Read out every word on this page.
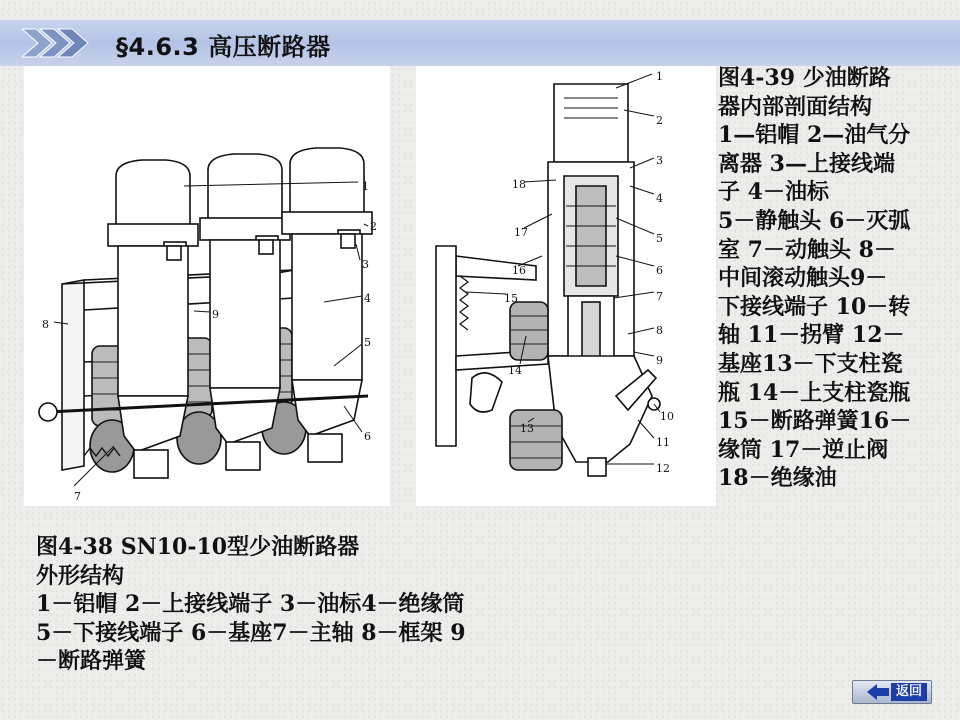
§4.6.3 高压断路器
1
2
3
4
5
6
7
8
9
1
2
3
4
5
6
7
8
9
10
11
12
13
14
15
16
17
18
图4-39 少油断路
器内部剖面结构
1—铝帽 2—油气分
离器 3—上接线端
子 4－油标
5－静触头 6－灭弧
室 7－动触头 8－
中间滚动触头9－
下接线端子 10－转
轴 11－拐臂 12－
基座13－下支柱瓷
瓶 14－上支柱瓷瓶
15－断路弹簧16－
缘筒 17－逆止阀
18－绝缘油
图4-38 SN10-10型少油断路器
外形结构
1－铝帽 2－上接线端子 3－油标4－绝缘筒
5－下接线端子 6－基座7－主轴 8－框架 9
－断路弹簧
返回
